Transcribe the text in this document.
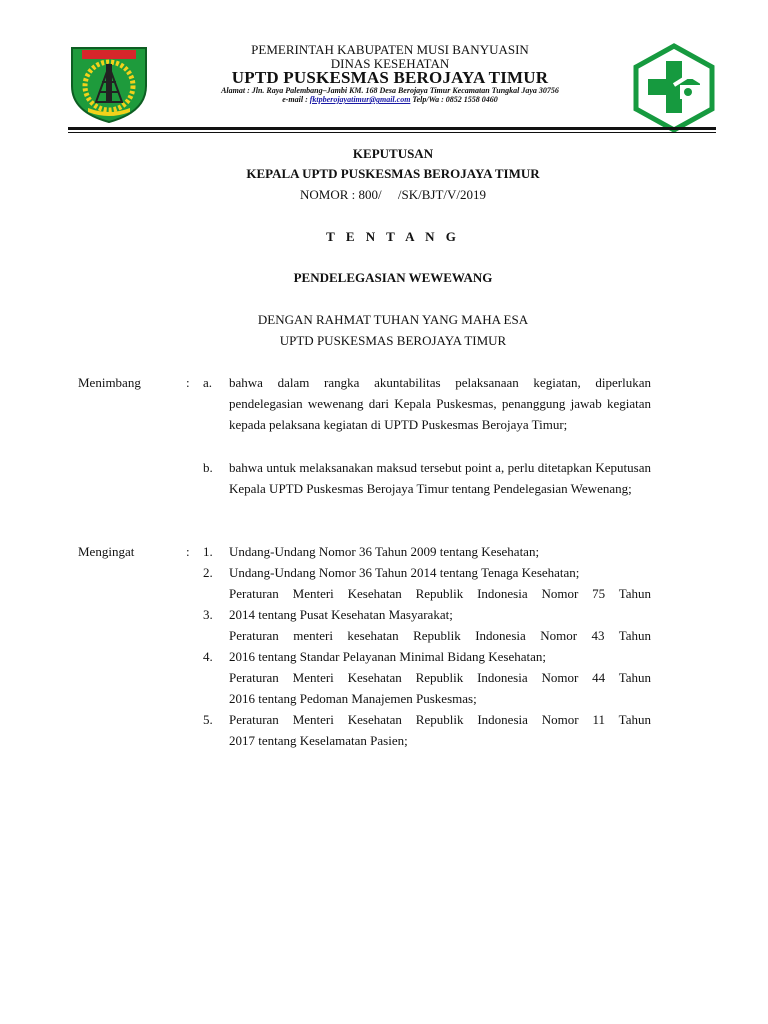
PEMERINTAH KABUPATEN MUSI BANYUASIN
DINAS KESEHATAN
UPTD PUSKESMAS BEROJAYA TIMUR
Alamat : Jln. Raya Palembang–Jambi KM. 168 Desa Berojaya Timur Kecamatan Tungkal Jaya 30756
e-mail : fktpberojayatimur@gmail.com Telp/Wa : 0852 1558 0460
KEPUTUSAN
KEPALA UPTD PUSKESMAS BEROJAYA TIMUR
NOMOR : 800/     /SK/BJT/V/2019
T E N T A N G
PENDELEGASIAN WEWEWANG
DENGAN RAHMAT TUHAN YANG MAHA ESA
UPTD PUSKESMAS BEROJAYA TIMUR
Menimbang	: a. bahwa dalam rangka akuntabilitas pelaksanaan kegiatan, diperlukan pendelegasian wewenang dari Kepala Puskesmas, penanggung jawab kegiatan kepada pelaksana kegiatan di UPTD Puskesmas Berojaya Timur;
b. bahwa untuk melaksanakan maksud tersebut point a, perlu ditetapkan Keputusan Kepala UPTD Puskesmas Berojaya Timur tentang Pendelegasian Wewenang;
Mengingat	: 1.
2.
3.
4.
5.
Undang-Undang Nomor 36 Tahun 2009 tentang Kesehatan;
Undang-Undang Nomor 36 Tahun 2014 tentang Tenaga Kesehatan;
Peraturan Menteri Kesehatan Republik Indonesia Nomor 75 Tahun
2014 tentang Pusat Kesehatan Masyarakat;
Peraturan menteri kesehatan Republik Indonesia Nomor 43 Tahun
2016 tentang Standar Pelayanan Minimal Bidang Kesehatan;
Peraturan Menteri Kesehatan Republik Indonesia Nomor 44 Tahun
2016 tentang Pedoman Manajemen Puskesmas;
Peraturan Menteri Kesehatan Republik Indonesia Nomor 11 Tahun
2017 tentang Keselamatan Pasien;
